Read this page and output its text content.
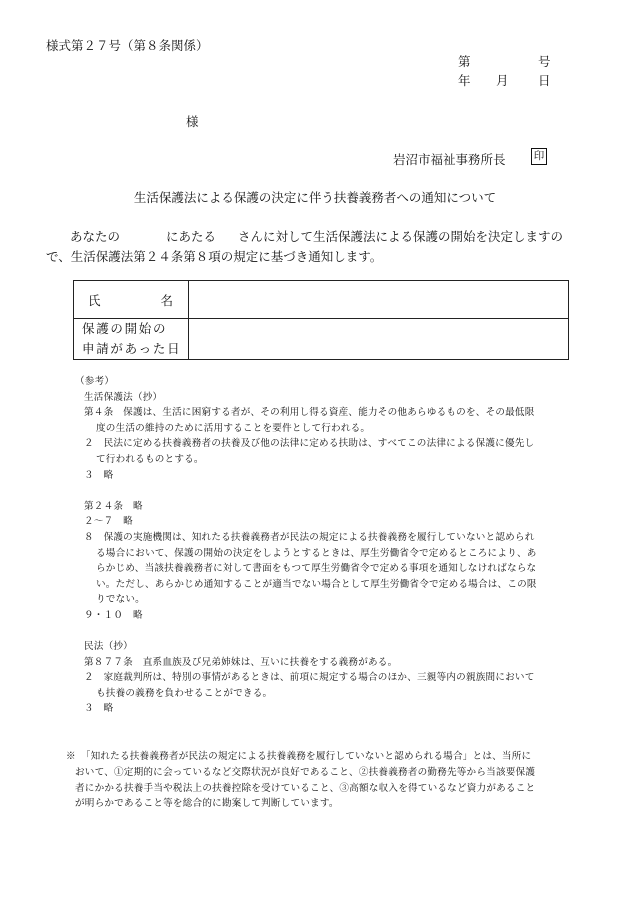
様式第２７号（第８条関係）
第	号
年 月 日
様
岩沼市福祉事務所長	印
生活保護法による保護の決定に伴う扶養義務者への通知について
あなたの	にあたる さんに対して生活保護法による保護の開始を決定しますの
で、生活保護法第２４条第８項の規定に基づき通知します。
氏 名	

保護の開始の
申請があった日	

（参考）
生活保護法（抄）
第４条　保護は、生活に困窮する者が、その利用し得る資産、能力その他あらゆるものを、その最低限
度の生活の維持のために活用することを要件として行われる。
２　民法に定める扶養義務者の扶養及び他の法律に定める扶助は、すべてこの法律による保護に優先し
て行われるものとする。
３　略
第２４条　略
２～７　略
８　保護の実施機関は、知れたる扶養義務者が民法の規定による扶養義務を履行していないと認められ
る場合において、保護の開始の決定をしようとするときは、厚生労働省令で定めるところにより、あ
らかじめ、当該扶養義務者に対して書面をもつて厚生労働省令で定める事項を通知しなければならな
い。ただし、あらかじめ通知することが適当でない場合として厚生労働省令で定める場合は、この限
りでない。
９・１０　略
民法（抄）
第８７７条　直系血族及び兄弟姉妹は、互いに扶養をする義務がある。
２　家庭裁判所は、特別の事情があるときは、前項に規定する場合のほか、三親等内の親族間において
も扶養の義務を負わせることができる。
３　略
※　「知れたる扶養義務者が民法の規定による扶養義務を履行していないと認められる場合」とは、当所に
おいて、①定期的に会っているなど交際状況が良好であること、②扶養義務者の勤務先等から当該要保護
者にかかる扶養手当や税法上の扶養控除を受けていること、③高額な収入を得ているなど資力があること
が明らかであること等を総合的に勘案して判断しています。
